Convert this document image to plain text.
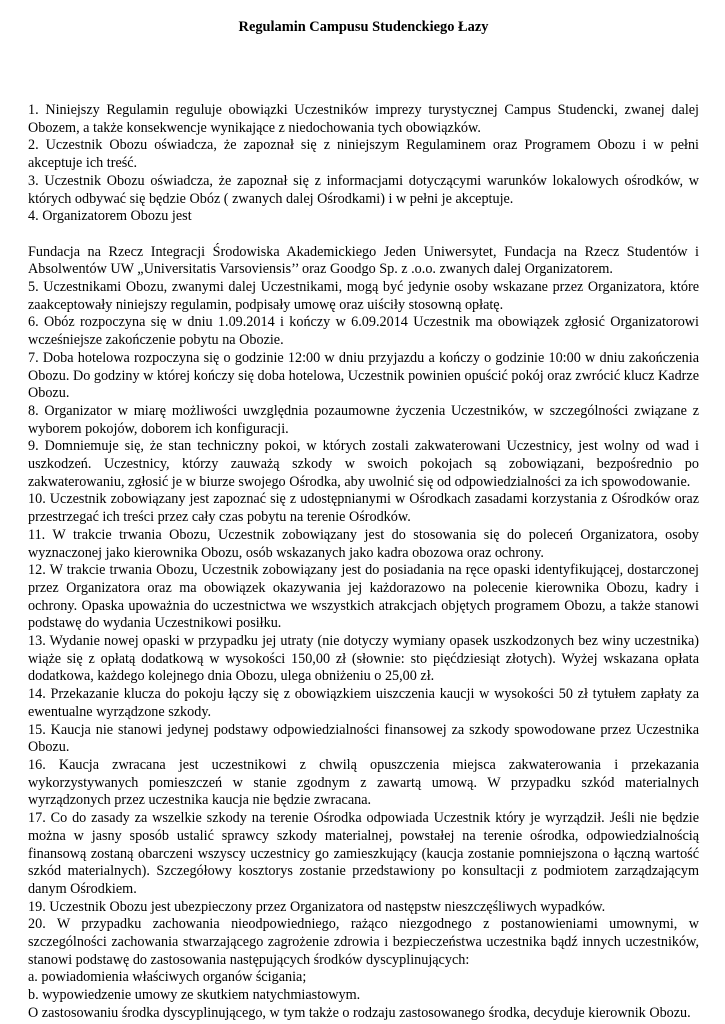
Regulamin Campusu Studenckiego Łazy

1. Niniejszy Regulamin reguluje obowiązki Uczestników imprezy turystycznej Campus Studencki, zwanej dalej Obozem, a także konsekwencje wynikające z niedochowania tych obowiązków.

2. Uczestnik Obozu oświadcza, że zapoznał się z niniejszym Regulaminem oraz Programem Obozu i w pełni akceptuje ich treść.

3. Uczestnik Obozu oświadcza, że zapoznał się z informacjami dotyczącymi warunków lokalowych ośrodków, w których odbywać się będzie Obóz ( zwanych dalej Ośrodkami) i w pełni je akceptuje.

4. Organizatorem Obozu jest

Fundacja na Rzecz Integracji Środowiska Akademickiego Jeden Uniwersytet, Fundacja na Rzecz Studentów i Absolwentów UW „Universitatis Varsoviensis’’ oraz Goodgo Sp. z .o.o. zwanych dalej Organizatorem.

5. Uczestnikami Obozu, zwanymi dalej Uczestnikami, mogą być jedynie osoby wskazane przez Organizatora, które zaakceptowały niniejszy regulamin, podpisały umowę oraz uiściły stosowną opłatę.

6. Obóz rozpoczyna się w dniu 1.09.2014 i kończy w 6.09.2014 Uczestnik ma obowiązek zgłosić Organizatorowi wcześniejsze zakończenie pobytu na Obozie.

7. Doba hotelowa rozpoczyna się o godzinie 12:00 w dniu przyjazdu a kończy o godzinie 10:00 w dniu zakończenia Obozu. Do godziny w której kończy się doba hotelowa, Uczestnik powinien opuścić pokój oraz zwrócić klucz Kadrze Obozu.

8. Organizator w miarę możliwości uwzględnia pozaumowne życzenia Uczestników, w szczególności związane z wyborem pokojów, doborem ich konfiguracji.

9. Domniemuje się, że stan techniczny pokoi, w których zostali zakwaterowani Uczestnicy, jest wolny od wad i uszkodzeń. Uczestnicy, którzy zauważą szkody w swoich pokojach są zobowiązani, bezpośrednio po zakwaterowaniu, zgłosić je w biurze swojego Ośrodka, aby uwolnić się od odpowiedzialności za ich spowodowanie.

10. Uczestnik zobowiązany jest zapoznać się z udostępnianymi w Ośrodkach zasadami korzystania z Ośrodków oraz przestrzegać ich treści przez cały czas pobytu na terenie Ośrodków.

11. W trakcie trwania Obozu, Uczestnik zobowiązany jest do stosowania się do poleceń Organizatora, osoby wyznaczonej jako kierownika Obozu, osób wskazanych jako kadra obozowa oraz ochrony.

12. W trakcie trwania Obozu, Uczestnik zobowiązany jest do posiadania na ręce opaski identyfikującej, dostarczonej przez Organizatora oraz ma obowiązek okazywania jej każdorazowo na polecenie kierownika Obozu, kadry i ochrony. Opaska upoważnia do uczestnictwa we wszystkich atrakcjach objętych programem Obozu, a także stanowi podstawę do wydania Uczestnikowi posiłku.

13. Wydanie nowej opaski w przypadku jej utraty (nie dotyczy wymiany opasek uszkodzonych bez winy uczestnika) wiąże się z opłatą dodatkową w wysokości 150,00 zł (słownie: sto pięćdziesiąt złotych). Wyżej wskazana opłata dodatkowa, każdego kolejnego dnia Obozu, ulega obniżeniu o 25,00 zł.

14. Przekazanie klucza do pokoju łączy się z obowiązkiem uiszczenia kaucji w wysokości 50 zł tytułem zapłaty za ewentualne wyrządzone szkody.

15. Kaucja nie stanowi jedynej podstawy odpowiedzialności finansowej za szkody spowodowane przez Uczestnika Obozu.

16. Kaucja zwracana jest uczestnikowi z chwilą opuszczenia miejsca zakwaterowania i przekazania wykorzystywanych pomieszczeń w stanie zgodnym z zawartą umową. W przypadku szkód materialnych wyrządzonych przez uczestnika kaucja nie będzie zwracana.

17. Co do zasady za wszelkie szkody na terenie Ośrodka odpowiada Uczestnik który je wyrządził. Jeśli nie będzie można w jasny sposób ustalić sprawcy szkody materialnej, powstałej na terenie ośrodka, odpowiedzialnością finansową zostaną obarczeni wszyscy uczestnicy go zamieszkujący (kaucja zostanie pomniejszona o łączną wartość szkód materialnych). Szczegółowy kosztorys zostanie przedstawiony po konsultacji z podmiotem zarządzającym danym Ośrodkiem.

19. Uczestnik Obozu jest ubezpieczony przez Organizatora od następstw nieszczęśliwych wypadków.

20. W przypadku zachowania nieodpowiedniego, rażąco niezgodnego z postanowieniami umownymi, w szczególności zachowania stwarzającego zagrożenie zdrowia i bezpieczeństwa uczestnika bądź innych uczestników, stanowi podstawę do zastosowania następujących środków dyscyplinujących:

a. powiadomienia właściwych organów ścigania;

b. wypowiedzenie umowy ze skutkiem natychmiastowym.

O zastosowaniu środka dyscyplinującego, w tym także o rodzaju zastosowanego środka, decyduje kierownik Obozu.
